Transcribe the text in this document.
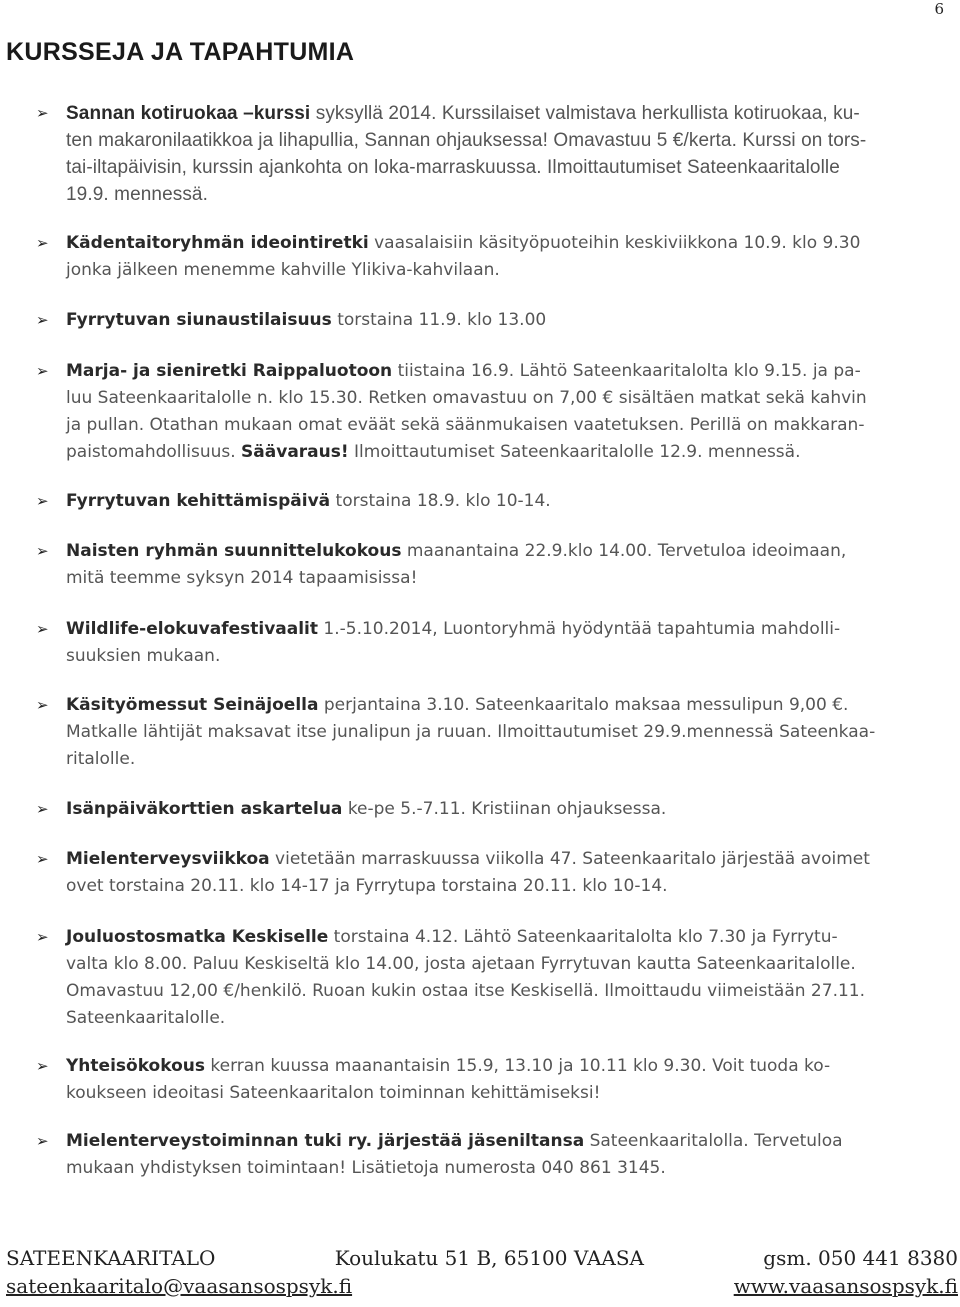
6
KURSSEJA JA TAPAHTUMIA
➢ Sannan kotiruokaa –kurssi syksyllä 2014. Kurssilaiset valmistava herkullista kotiruokaa, ku-
ten makaronilaatikkoa ja lihapullia, Sannan ohjauksessa! Omavastuu 5 €/kerta. Kurssi on tors-
tai-iltapäivisin, kurssin ajankohta on loka-marraskuussa. Ilmoittautumiset Sateenkaaritalolle
19.9. mennessä.

➢	Kädentaitoryhmän ideointiretki vaasalaisiin käsityöpuoteihin keskiviikkona 10.9. klo 9.30
jonka jälkeen menemme kahville Ylikiva-kahvilaan.

➢	Fyrrytuvan siunaustilaisuus torstaina 11.9. klo 13.00

➢	Marja- ja sieniretki Raippaluotoon tiistaina 16.9. Lähtö Sateenkaaritalolta klo 9.15. ja pa-
luu Sateenkaaritalolle n. klo 15.30. Retken omavastuu on 7,00 € sisältäen matkat sekä kahvin
ja pullan. Otathan mukaan omat eväät sekä säänmukaisen vaatetuksen. Perillä on makkaran-
paistomahdollisuus. Säävaraus! Ilmoittautumiset Sateenkaaritalolle 12.9. mennessä.

➢	Fyrrytuvan kehittämispäivä torstaina 18.9. klo 10-14.

➢	Naisten ryhmän suunnittelukokous maanantaina 22.9.klo 14.00. Tervetuloa ideoimaan,
mitä teemme syksyn 2014 tapaamisissa!

➢	Wildlife-elokuvafestivaalit 1.-5.10.2014, Luontoryhmä hyödyntää tapahtumia mahdolli-
suuksien mukaan.

➢	Käsityömessut Seinäjoella perjantaina 3.10. Sateenkaaritalo maksaa messulipun 9,00 €.
Matkalle lähtijät maksavat itse junalipun ja ruuan. Ilmoittautumiset 29.9.mennessä Sateenkaa-
ritalolle.

➢	Isänpäiväkorttien askartelua ke-pe 5.-7.11. Kristiinan ohjauksessa.

➢	Mielenterveysviikkoa vietetään marraskuussa viikolla 47. Sateenkaaritalo järjestää avoimet
ovet torstaina 20.11. klo 14-17 ja Fyrrytupa torstaina 20.11. klo 10-14.

➢	Jouluostosmatka Keskiselle torstaina 4.12. Lähtö Sateenkaaritalolta klo 7.30 ja Fyrrytu-
valta klo 8.00. Paluu Keskiseltä klo 14.00, josta ajetaan Fyrrytuvan kautta Sateenkaaritalolle.
Omavastuu 12,00 €/henkilö. Ruoan kukin ostaa itse Keskisellä. Ilmoittaudu viimeistään 27.11.
Sateenkaaritalolle.

➢	Yhteisökokous kerran kuussa maanantaisin 15.9, 13.10 ja 10.11 klo 9.30. Voit tuoda ko-
koukseen ideoitasi Sateenkaaritalon toiminnan kehittämiseksi!

➢	Mielenterveystoiminnan tuki ry. järjestää jäseniltansa Sateenkaaritalolla. Tervetuloa
mukaan yhdistyksen toimintaan! Lisätietoja numerosta 040 861 3145.

SATEENKAARITALO	Koulukatu 51 B, 65100 VAASA	gsm. 050 441 8380
sateenkaaritalo@vaasansospsyk.fi	www.vaasansospsyk.fi
